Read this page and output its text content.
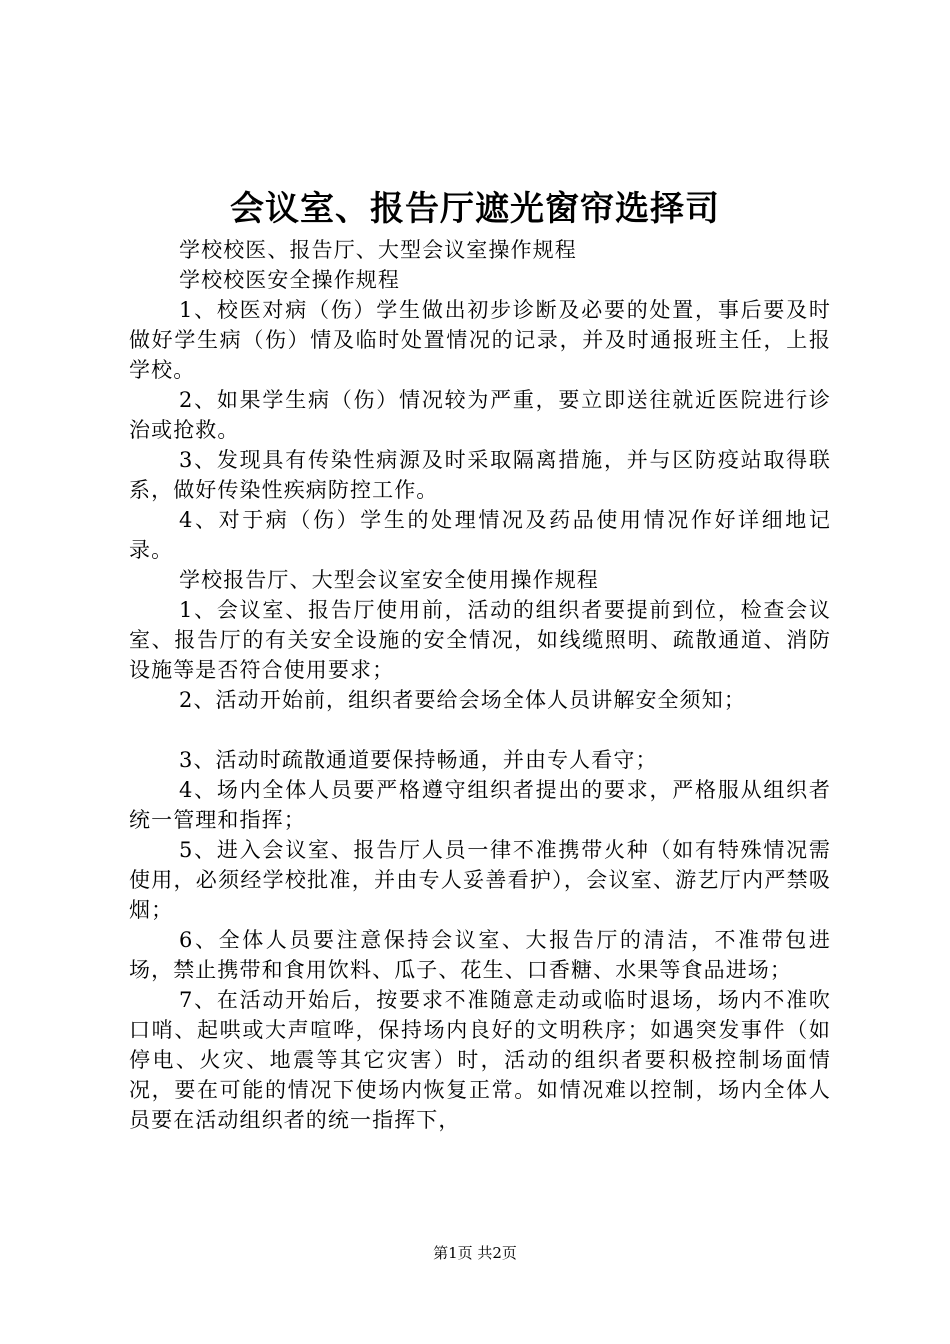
会议室、报告厅遮光窗帘选择司

学校校医、报告厅、大型会议室操作规程

学校校医安全操作规程

1、校医对病（伤）学生做出初步诊断及必要的处置，事后要及时做好学生病（伤）情及临时处置情况的记录，并及时通报班主任，上报学校。

2、如果学生病（伤）情况较为严重，要立即送往就近医院进行诊治或抢救。

3、发现具有传染性病源及时采取隔离措施，并与区防疫站取得联系，做好传染性疾病防控工作。

4、对于病（伤）学生的处理情况及药品使用情况作好详细地记录。

学校报告厅、大型会议室安全使用操作规程

1、会议室、报告厅使用前，活动的组织者要提前到位，检查会议室、报告厅的有关安全设施的安全情况，如线缆照明、疏散通道、消防设施等是否符合使用要求；

2、活动开始前，组织者要给会场全体人员讲解安全须知；

3、活动时疏散通道要保持畅通，并由专人看守；

4、场内全体人员要严格遵守组织者提出的要求，严格服从组织者统一管理和指挥；

5、进入会议室、报告厅人员一律不准携带火种（如有特殊情况需使用，必须经学校批准，并由专人妥善看护），会议室、游艺厅内严禁吸烟；

6、全体人员要注意保持会议室、大报告厅的清洁，不准带包进场，禁止携带和食用饮料、瓜子、花生、口香糖、水果等食品进场；

7、在活动开始后，按要求不准随意走动或临时退场，场内不准吹口哨、起哄或大声喧哗，保持场内良好的文明秩序；如遇突发事件（如停电、火灾、地震等其它灾害）时，活动的组织者要积极控制场面情况，要在可能的情况下使场内恢复正常。如情况难以控制，场内全体人员要在活动组织者的统一指挥下，

第1页 共2页
